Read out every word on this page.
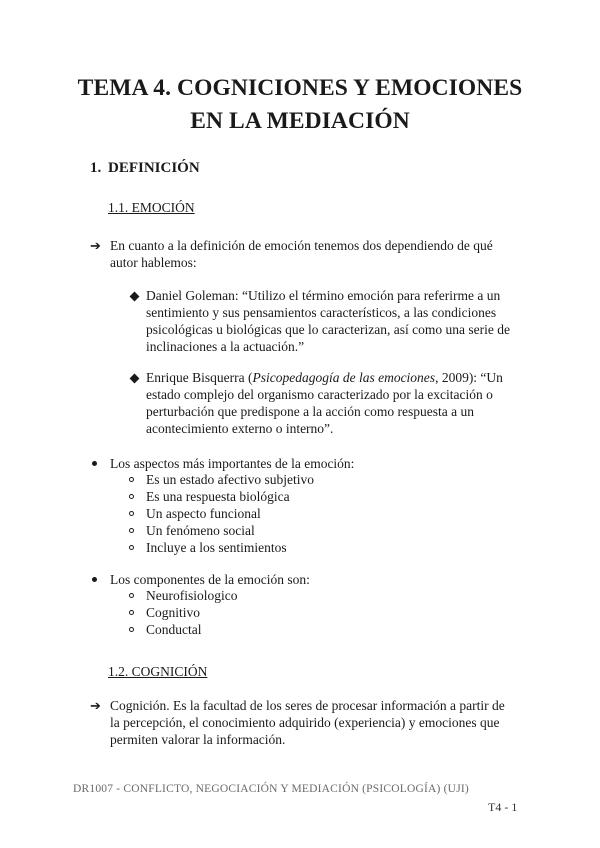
TEMA 4. COGNICIONES Y EMOCIONES
EN LA MEDIACIÓN
1. DEFINICIÓN
1.1. EMOCIÓN
➔ En cuanto a la definición de emoción tenemos dos dependiendo de qué
autor hablemos:
Daniel Goleman: “Utilizo el término emoción para referirme a un
sentimiento y sus pensamientos característicos, a las condiciones
psicológicas u biológicas que lo caracterizan, así como una serie de
inclinaciones a la actuación.”
Enrique Bisquerra (Psicopedagogía de las emociones, 2009): “Un
estado complejo del organismo caracterizado por la excitación o
perturbación que predispone a la acción como respuesta a un
acontecimiento externo o interno”.
Los aspectos más importantes de la emoción:
Es un estado afectivo subjetivo
Es una respuesta biológica
Un aspecto funcional
Un fenómeno social
Incluye a los sentimientos
Los componentes de la emoción son:
Neurofisiologico
Cognitivo
Conductal
1.2. COGNICIÓN
➔ Cognición. Es la facultad de los seres de procesar información a partir de
la percepción, el conocimiento adquirido (experiencia) y emociones que
permiten valorar la información.
DR1007 - CONFLICTO, NEGOCIACIÓN Y MEDIACIÓN (PSICOLOGÍA) (UJI)
T4 - 1
